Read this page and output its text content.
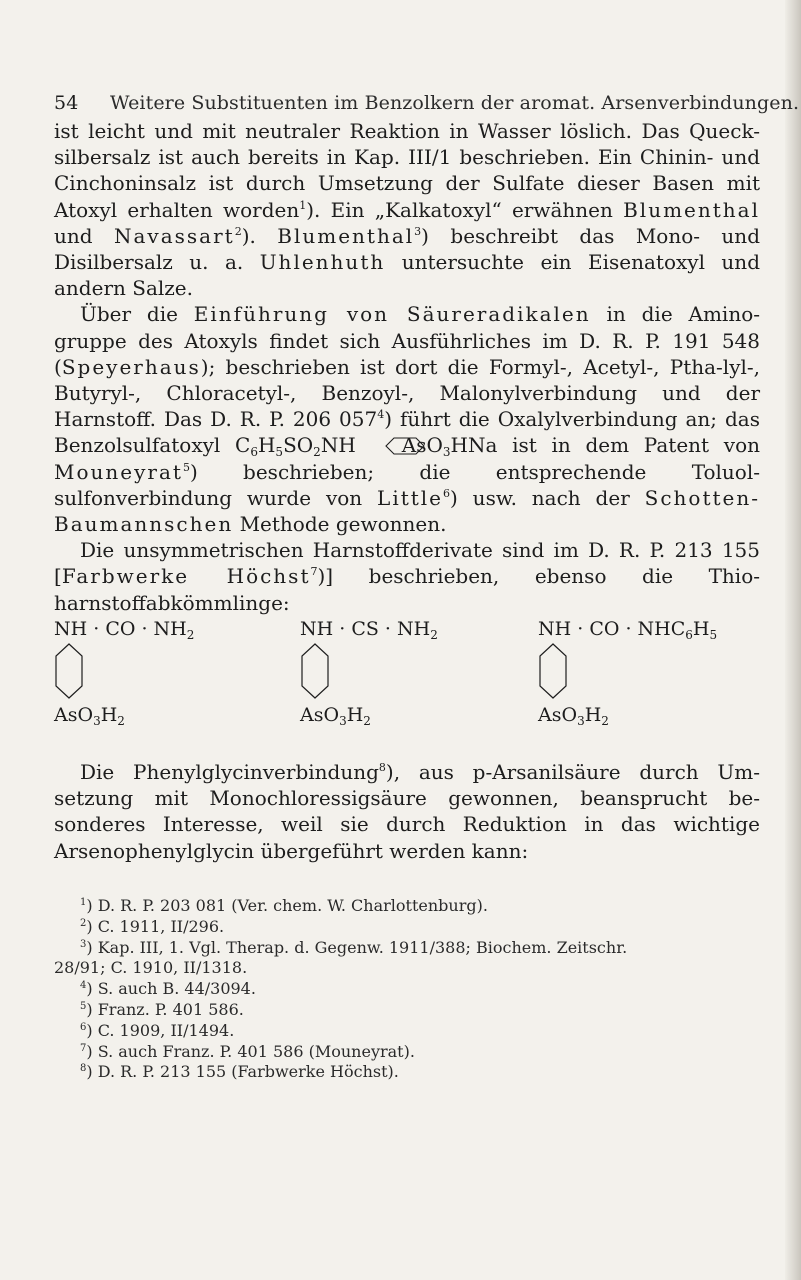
54 Weitere Substituenten im Benzolkern der aromat. Arsenverbindungen.

ist leicht und mit neutraler Reaktion in Wasser löslich. Das Queck-silbersalz ist auch bereits in Kap. III/1 beschrieben. Ein Chinin- und Cinchoninsalz ist durch Umsetzung der Sulfate dieser Basen mit Atoxyl erhalten worden$^1$). Ein „Kalkatoxyl“ erwähnen Blumenthal und Navassart$^2$). Blumenthal$^3$) beschreibt das Mono- und Disilbersalz u. a. Uhlenhuth untersuchte ein Eisenatoxyl und andern Salze.

Über die Einführung von Säureradikalen in die Amino-gruppe des Atoxyls findet sich Ausführliches im D. R. P. 191 548 (Speyerhaus); beschrieben ist dort die Formyl-, Acetyl-, Ptha-lyl-, Butyryl-, Chloracetyl-, Benzoyl-, Malonylverbindung und der Harnstoff. Das D. R. P. 206 $057^4$) führt die Oxalylverbindung an; das Benzolsulfatoxyl $C_6H_5SO_2NH$ AsO$_3$HNa ist in dem Patent von Mouneyrat$^5$) beschrieben; die entsprechende Toluol-sulfonverbindung wurde von Little$^6$) usw. nach der Schotten-Baumannschen Methode gewonnen.

Die unsymmetrischen Harnstoffderivate sind im D. R. P. 213 155 [Farbwerke Höchst$^7$)] beschrieben, ebenso die Thio-harnstoffabkömmlinge:

NH · CO · $NH_2$
$AsO_3H_2$
NH · CS · $NH_2$
$AsO_3H_2$
NH · CO · $NHC_6H_5$
$AsO_3H_2$

Die Phenylglycinverbindung$^8$), aus p-Arsanilsäure durch Um-setzung mit Monochloressigsäure gewonnen, beansprucht be-sonderes Interesse, weil sie durch Reduktion in das wichtige Arsenophenylglycin übergeführt werden kann:

$^1$) D. R. P. 203 081 (Ver. chem. W. Charlottenburg).
$^2$) C. 1911, II/296.
$^3$) Kap. III, 1. Vgl. Therap. d. Gegenw. 1911/388; Biochem. Zeitschr.
28/91; C. 1910, II/1318.
$^4$) S. auch B. 44/3094.
$^5$) Franz. P. 401 586.
$^6$) C. 1909, II/1494.
$^7$) S. auch Franz. P. 401 586 (Mouneyrat).
$^8$) D. R. P. 213 155 (Farbwerke Höchst).
